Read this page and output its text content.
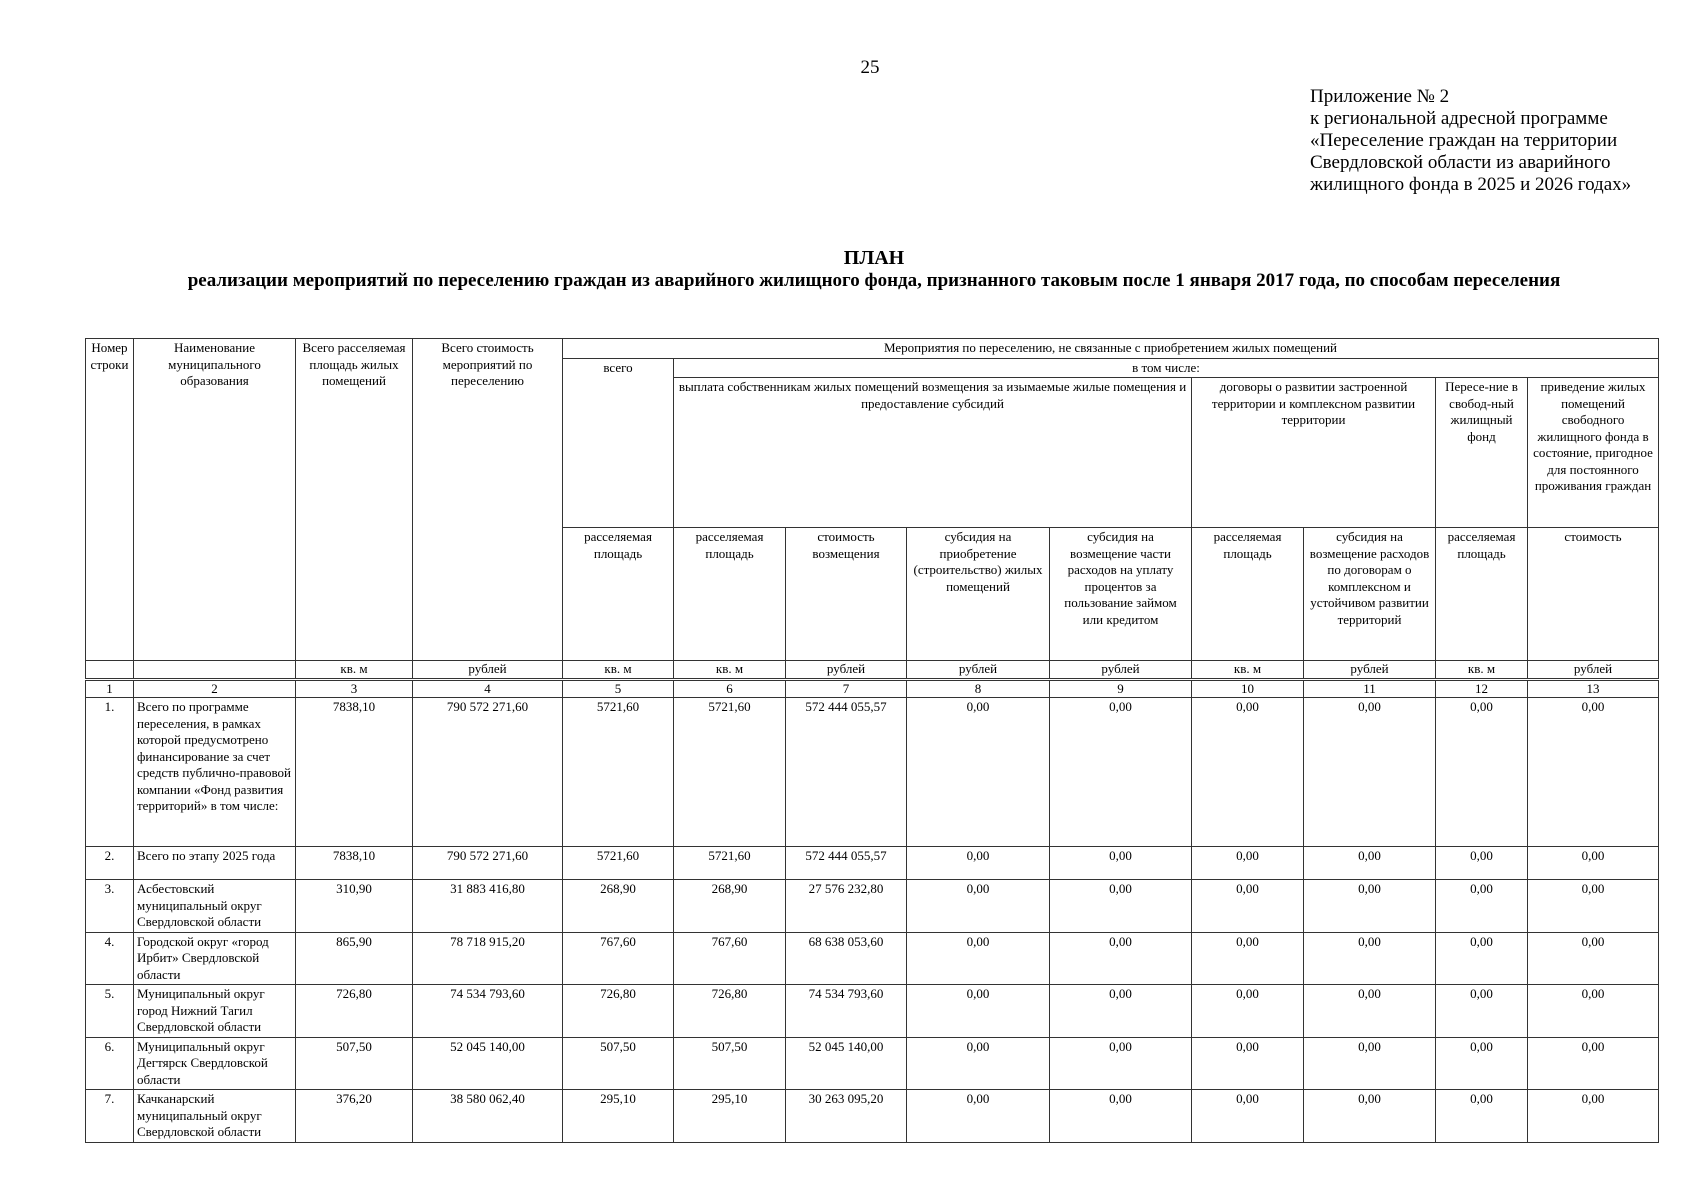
25
Приложение № 2
к региональной адресной программе
«Переселение граждан на территории
Свердловской области из аварийного
жилищного фонда в 2025 и 2026 годах»
ПЛАН
реализации мероприятий по переселению граждан из аварийного жилищного фонда, признанного таковым после 1 января 2017 года, по способам переселения
Номер строки	Наименование муниципального образования	Всего расселяемая площадь жилых помещений	Всего стоимость мероприятий по переселению	Мероприятия по переселению, не связанные с приобретением жилых помещений								
				всего	в том числе:							
					выплата собственникам жилых помещений возмещения за изымаемые жилые помещения и предоставление субсидий				договоры о развитии застроенной территории и комплексном развитии территории		Пересе-ние в свобод-ный жилищный фонд	приведение жилых помещений свободного жилищного фонда в состояние, пригодное для постоянного проживания граждан
				расселяемая площадь	расселяемая площадь	стоимость возмещения	субсидия на приобретение (строительство) жилых помещений	субсидия на возмещение части расходов на уплату процентов за пользование займом или кредитом	расселяемая площадь	субсидия на возмещение расходов по договорам о комплексном и устойчивом развитии территорий	расселяемая площадь	стоимость
		кв. м	рублей	кв. м	кв. м	рублей	рублей	рублей	кв. м	рублей	кв. м	рублей
1	2	3	4	5	6	7	8	9	10	11	12	13
1.	Всего по программе переселения, в рамках которой предусмотрено финансирование за счет средств публично-правовой компании «Фонд развития территорий» в том числе:	7838,10	790 572 271,60	5721,60	5721,60	572 444 055,57	0,00	0,00	0,00	0,00	0,00	0,00
2.	Всего по этапу 2025 года	7838,10	790 572 271,60	5721,60	5721,60	572 444 055,57	0,00	0,00	0,00	0,00	0,00	0,00
3.	Асбестовский муниципальный округ Свердловской области	310,90	31 883 416,80	268,90	268,90	27 576 232,80	0,00	0,00	0,00	0,00	0,00	0,00
4.	Городской округ «город Ирбит» Свердловской области	865,90	78 718 915,20	767,60	767,60	68 638 053,60	0,00	0,00	0,00	0,00	0,00	0,00
5.	Муниципальный округ город Нижний Тагил Свердловской области	726,80	74 534 793,60	726,80	726,80	74 534 793,60	0,00	0,00	0,00	0,00	0,00	0,00
6.	Муниципальный округ Дегтярск Свердловской области	507,50	52 045 140,00	507,50	507,50	52 045 140,00	0,00	0,00	0,00	0,00	0,00	0,00
7.	Качканарский муниципальный округ Свердловской области	376,20	38 580 062,40	295,10	295,10	30 263 095,20	0,00	0,00	0,00	0,00	0,00	0,00
